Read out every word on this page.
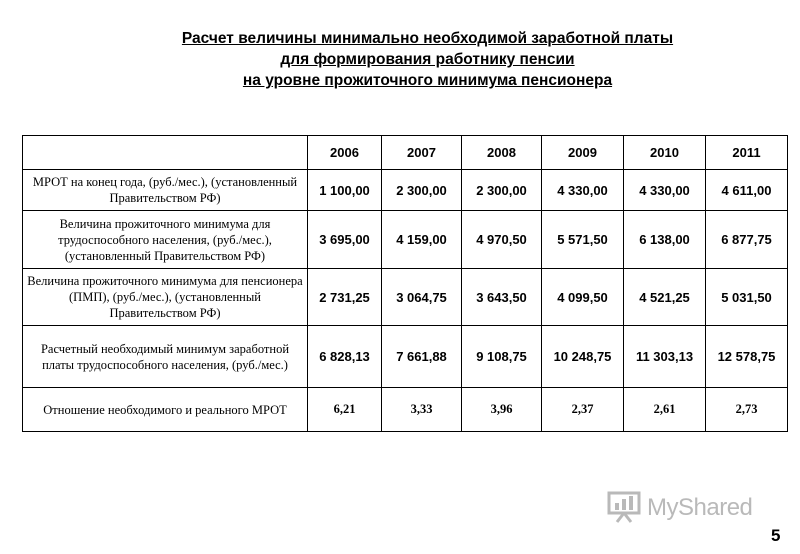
Расчет величины минимально необходимой заработной платы
для формирования работнику пенсии
на уровне прожиточного минимума пенсионера
	2006	2007	2008	2009	2010	2011
МРОТ на конец года, (руб./мес.), (установленный Правительством РФ)	1 100,00	2 300,00	2 300,00	4 330,00	4 330,00	4 611,00
Величина прожиточного минимума для трудоспособного населения, (руб./мес.), (установленный Правительством РФ)	3 695,00	4 159,00	4 970,50	5 571,50	6 138,00	6 877,75
Величина прожиточного минимума для пенсионера (ПМП), (руб./мес.), (установленный Правительством РФ)	2 731,25	3 064,75	3 643,50	4 099,50	4 521,25	5 031,50
Расчетный необходимый минимум заработной платы трудоспособного населения, (руб./мес.)	6 828,13	7 661,88	9 108,75	10 248,75	11 303,13	12 578,75
Отношение необходимого и реального МРОТ	6,21	3,33	3,96	2,37	2,61	2,73
MyShared
5
